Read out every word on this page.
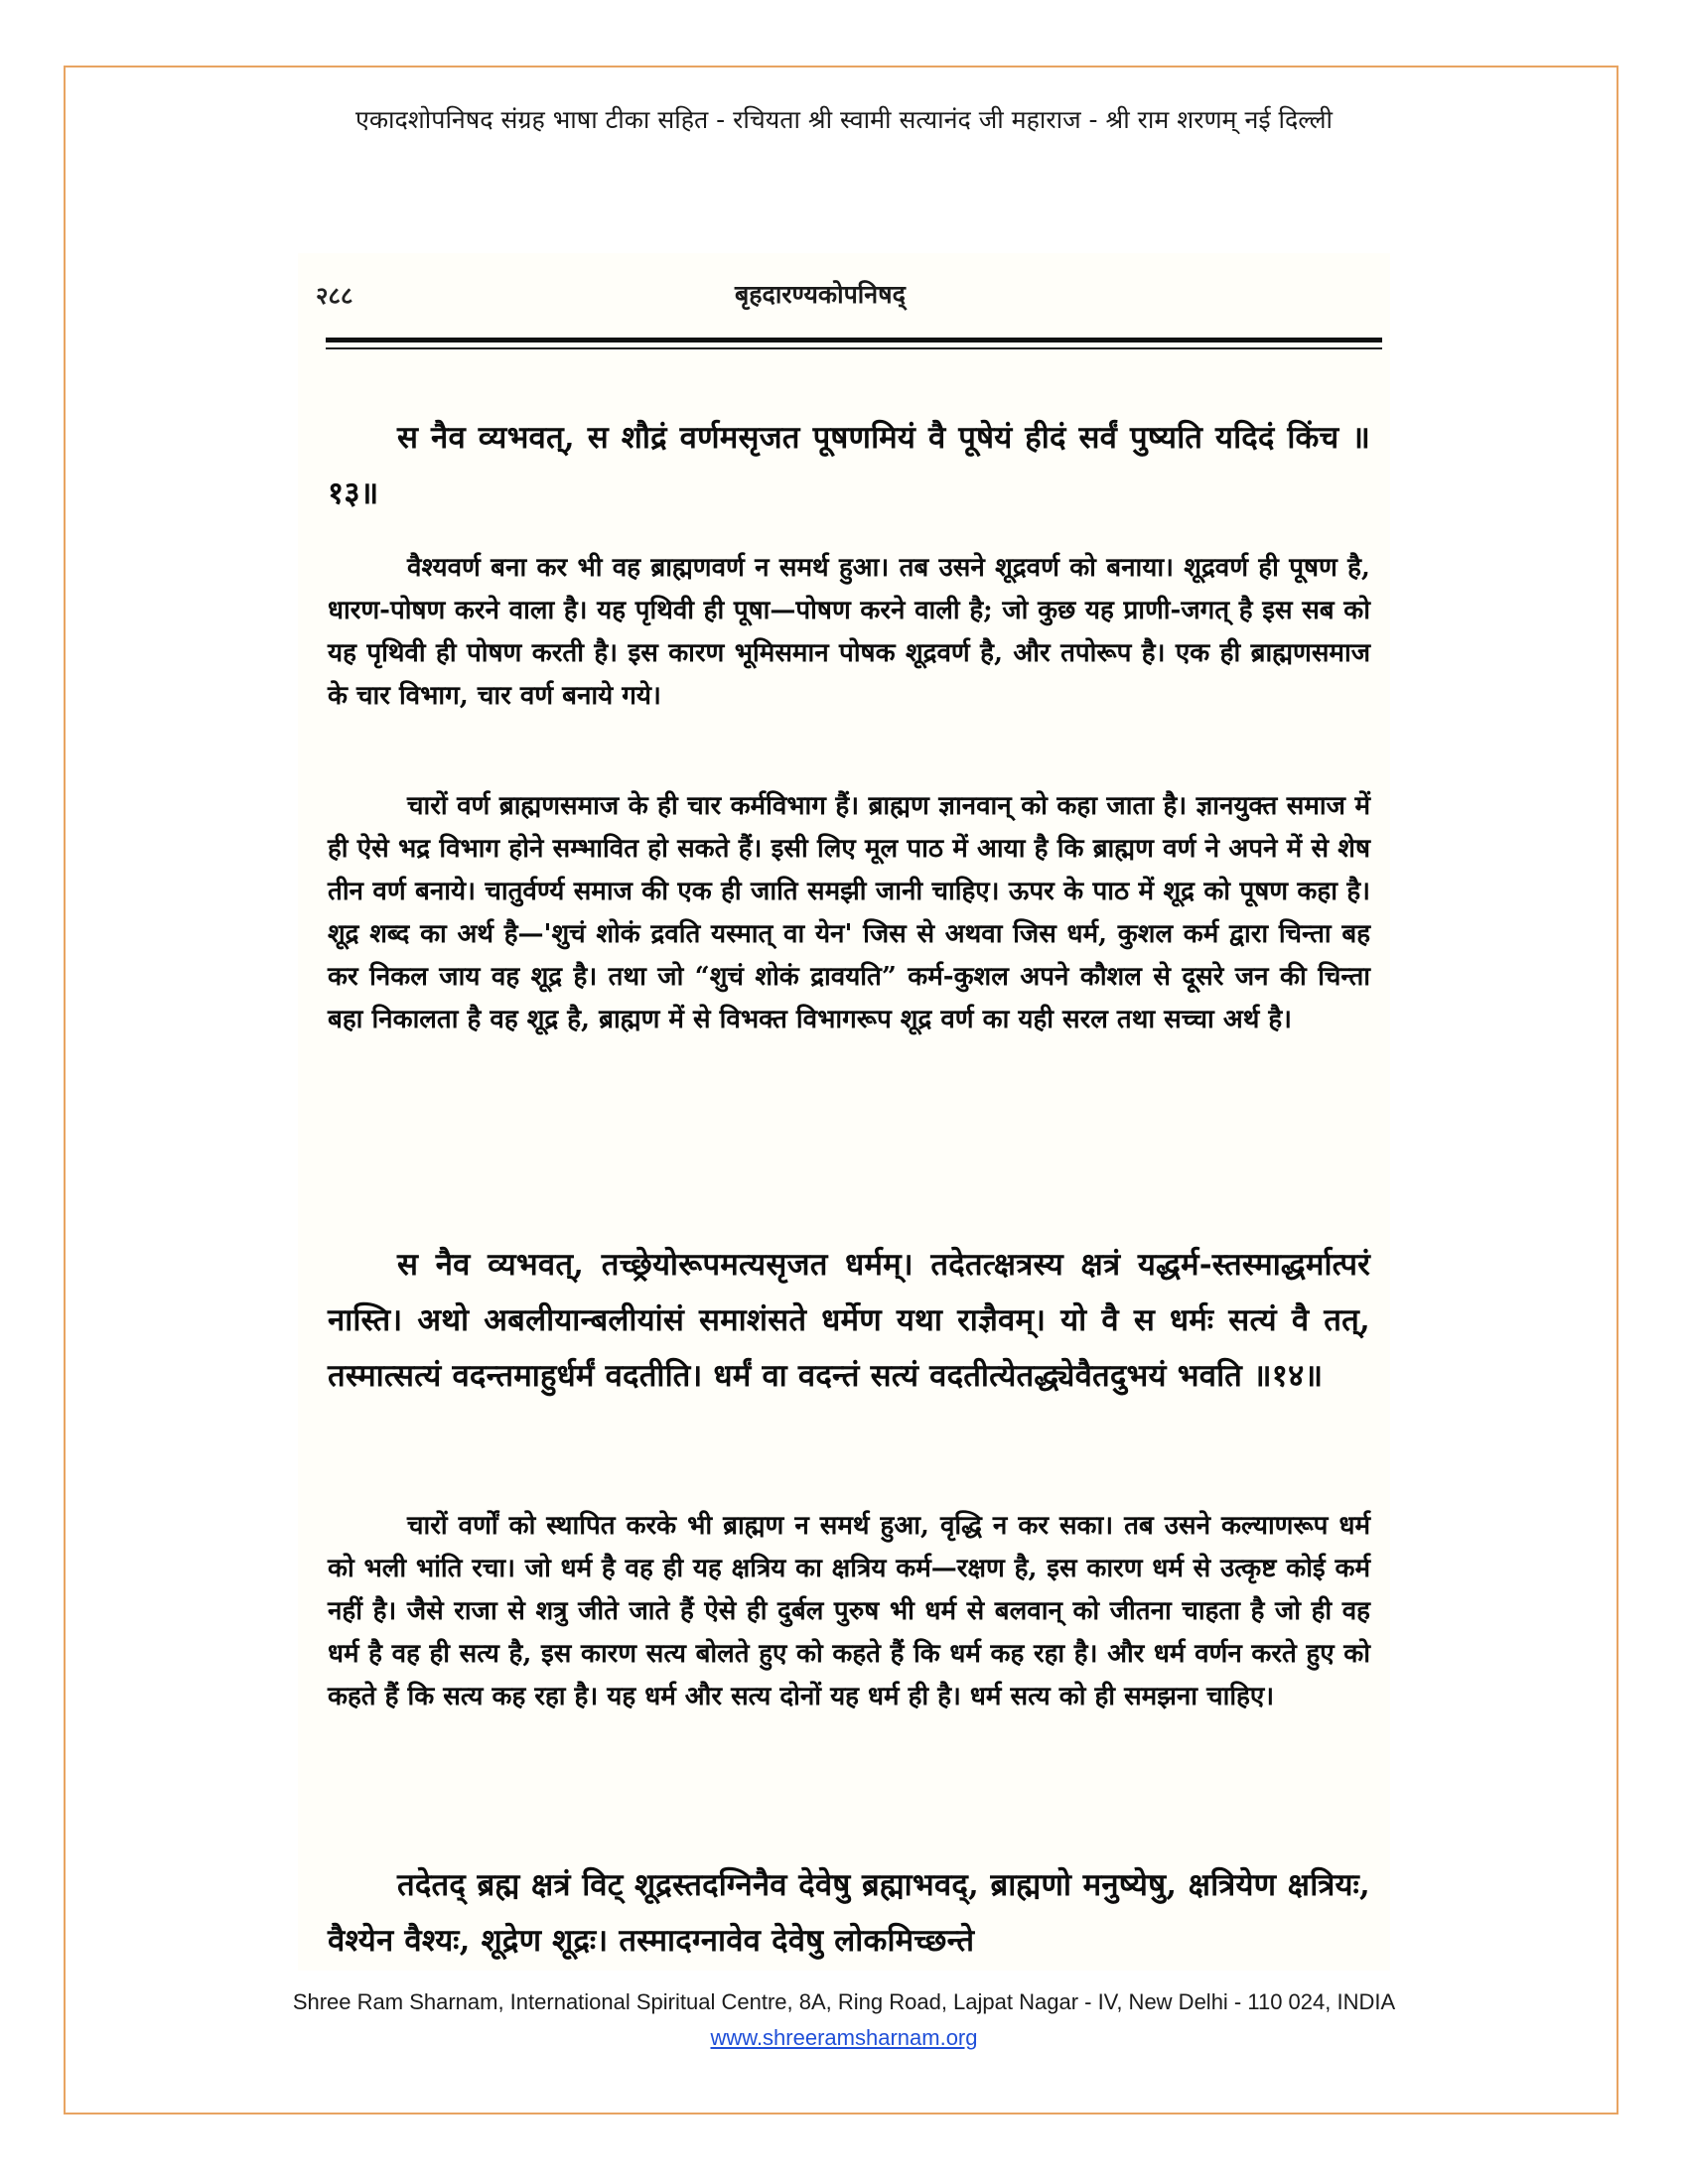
एकादशोपनिषद संग्रह भाषा टीका सहित - रचियता श्री स्वामी सत्यानंद जी महाराज - श्री राम शरणम् नई दिल्ली
२८८	बृहदारण्यकोपनिषद्

स नैव व्यभवत्, स शौद्रं वर्णमसृजत पूषणमियं वै पूषेयं हीदं सर्वं पुष्यति यदिदं किंच ॥१३॥

वैश्यवर्ण बना कर भी वह ब्राह्मणवर्ण न समर्थ हुआ। तब उसने शूद्रवर्ण को बनाया। शूद्रवर्ण ही पूषण है, धारण-पोषण करने वाला है। यह पृथिवी ही पूषा—पोषण करने वाली है; जो कुछ यह प्राणी-जगत् है इस सब को यह पृथिवी ही पोषण करती है। इस कारण भूमिसमान पोषक शूद्रवर्ण है, और तपोरूप है। एक ही ब्राह्मणसमाज के चार विभाग, चार वर्ण बनाये गये।

चारों वर्ण ब्राह्मणसमाज के ही चार कर्मविभाग हैं। ब्राह्मण ज्ञानवान् को कहा जाता है। ज्ञानयुक्त समाज में ही ऐसे भद्र विभाग होने सम्भावित हो सकते हैं। इसी लिए मूल पाठ में आया है कि ब्राह्मण वर्ण ने अपने में से शेष तीन वर्ण बनाये। चातुर्वर्ण्य समाज की एक ही जाति समझी जानी चाहिए। ऊपर के पाठ में शूद्र को पूषण कहा है। शूद्र शब्द का अर्थ है—'शुचं शोकं द्रवति यस्मात् वा येन' जिस से अथवा जिस धर्म, कुशल कर्म द्वारा चिन्ता बह कर निकल जाय वह शूद्र है। तथा जो “शुचं शोकं द्रावयति” कर्म-कुशल अपने कौशल से दूसरे जन की चिन्ता बहा निकालता है वह शूद्र है, ब्राह्मण में से विभक्त विभागरूप शूद्र वर्ण का यही सरल तथा सच्चा अर्थ है।

स नैव व्यभवत्, तच्छ्रेयोरूपमत्यसृजत धर्मम्। तदेतत्क्षत्रस्य क्षत्रं यद्धर्म-स्तस्माद्धर्मात्परं नास्ति। अथो अबलीयान्बलीयांसं समाशंसते धर्मेण यथा राज्ञैवम्। यो वै स धर्मः सत्यं वै तत्, तस्मात्सत्यं वदन्तमाहुर्धर्मं वदतीति। धर्मं वा वदन्तं सत्यं वदतीत्येतद्ध्येवैतदुभयं भवति ॥१४॥

चारों वर्णों को स्थापित करके भी ब्राह्मण न समर्थ हुआ, वृद्धि न कर सका। तब उसने कल्याणरूप धर्म को भली भांति रचा। जो धर्म है वह ही यह क्षत्रिय का क्षत्रिय कर्म—रक्षण है, इस कारण धर्म से उत्कृष्ट कोई कर्म नहीं है। जैसे राजा से शत्रु जीते जाते हैं ऐसे ही दुर्बल पुरुष भी धर्म से बलवान् को जीतना चाहता है जो ही वह धर्म है वह ही सत्य है, इस कारण सत्य बोलते हुए को कहते हैं कि धर्म कह रहा है। और धर्म वर्णन करते हुए को कहते हैं कि सत्य कह रहा है। यह धर्म और सत्य दोनों यह धर्म ही है। धर्म सत्य को ही समझना चाहिए।

तदेतद् ब्रह्म क्षत्रं विट् शूद्रस्तदग्निनैव देवेषु ब्रह्माभवद्, ब्राह्मणो मनुष्येषु, क्षत्रियेण क्षत्रियः, वैश्येन वैश्यः, शूद्रेण शूद्रः। तस्मादग्नावेव देवेषु लोकमिच्छन्ते

Shree Ram Sharnam, International Spiritual Centre, 8A, Ring Road, Lajpat Nagar - IV, New Delhi - 110 024, INDIA
www.shreeramsharnam.org
